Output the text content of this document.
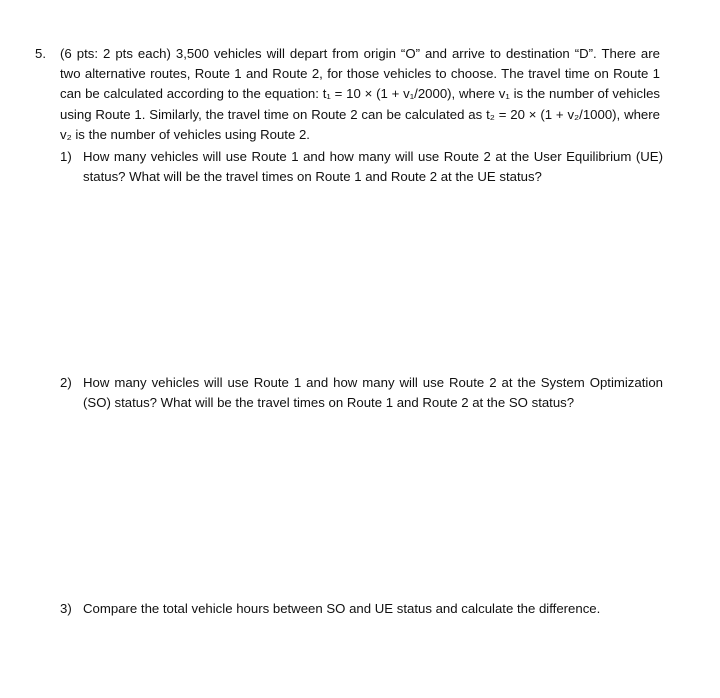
5.	(6 pts: 2 pts each) 3,500 vehicles will depart from origin “O” and arrive to destination “D”. There are two alternative routes, Route 1 and Route 2, for those vehicles to choose. The travel time on Route 1 can be calculated according to the equation: t₁ = 10 × (1 + v₁/2000), where v₁ is the number of vehicles using Route 1. Similarly, the travel time on Route 2 can be calculated as t₂ = 20 × (1 + v₂/1000), where v₂ is the number of vehicles using Route 2.
1) How many vehicles will use Route 1 and how many will use Route 2 at the User Equilibrium (UE) status? What will be the travel times on Route 1 and Route 2 at the UE status?
2) How many vehicles will use Route 1 and how many will use Route 2 at the System Optimization (SO) status? What will be the travel times on Route 1 and Route 2 at the SO status?
3) Compare the total vehicle hours between SO and UE status and calculate the difference.
